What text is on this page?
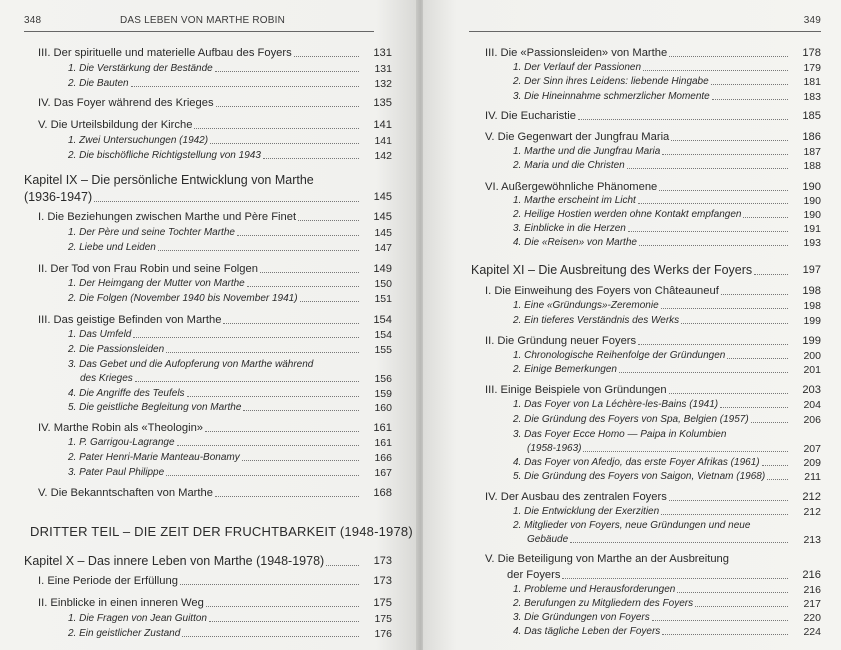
348	DAS LEBEN VON MARTHE ROBIN
III. Der spirituelle und materielle Aufbau des Foyers	131
1. Die Verstärkung der Bestände	131
2. Die Bauten	132
IV. Das Foyer während des Krieges	135
V. Die Urteilsbildung der Kirche	141
1. Zwei Untersuchungen (1942)	141
2. Die bischöfliche Richtigstellung von 1943	142
Kapitel IX – Die persönliche Entwicklung von Marthe
(1936-1947)	145
I. Die Beziehungen zwischen Marthe und Père Finet	145
1. Der Père und seine Tochter Marthe	145
2. Liebe und Leiden	147
II. Der Tod von Frau Robin und seine Folgen	149
1. Der Heimgang der Mutter von Marthe	150
2. Die Folgen (November 1940 bis November 1941)	151
III. Das geistige Befinden von Marthe	154
1. Das Umfeld	154
2. Die Passionsleiden	155
3. Das Gebet und die Aufopferung von Marthe während
des Krieges	156
4. Die Angriffe des Teufels	159
5. Die geistliche Begleitung von Marthe	160
IV. Marthe Robin als «Theologin»	161
1. P. Garrigou-Lagrange	161
2. Pater Henri-Marie Manteau-Bonamy	166
3. Pater Paul Philippe	167
V. Die Bekanntschaften von Marthe	168
DRITTER TEIL – DIE ZEIT DER FRUCHTBARKEIT (1948-1978)
Kapitel X – Das innere Leben von Marthe (1948-1978)	173
I. Eine Periode der Erfüllung	173
II. Einblicke in einen inneren Weg	175
1. Die Fragen von Jean Guitton	175
2. Ein geistlicher Zustand	176
349
III. Die «Passionsleiden» von Marthe	178
1. Der Verlauf der Passionen	179
2. Der Sinn ihres Leidens: liebende Hingabe	181
3. Die Hineinnahme schmerzlicher Momente	183
IV. Die Eucharistie	185
V. Die Gegenwart der Jungfrau Maria	186
1. Marthe und die Jungfrau Maria	187
2. Maria und die Christen	188
VI. Außergewöhnliche Phänomene	190
1. Marthe erscheint im Licht	190
2. Heilige Hostien werden ohne Kontakt empfangen	190
3. Einblicke in die Herzen	191
4. Die «Reisen» von Marthe	193
Kapitel XI – Die Ausbreitung des Werks der Foyers	197
I. Die Einweihung des Foyers von Châteauneuf	198
1. Eine «Gründungs»-Zeremonie	198
2. Ein tieferes Verständnis des Werks	199
II. Die Gründung neuer Foyers	199
1. Chronologische Reihenfolge der Gründungen	200
2. Einige Bemerkungen	201
III. Einige Beispiele von Gründungen	203
1. Das Foyer von La Léchère-les-Bains (1941)	204
2. Die Gründung des Foyers von Spa, Belgien (1957)	206
3. Das Foyer Ecce Homo — Paipa in Kolumbien
(1958-1963)	207
4. Das Foyer von Afedjo, das erste Foyer Afrikas (1961)	209
5. Die Gründung des Foyers von Saigon, Vietnam (1968)	211
IV. Der Ausbau des zentralen Foyers	212
1. Die Entwicklung der Exerzitien	212
2. Mitglieder von Foyers, neue Gründungen und neue
Gebäude	213
V. Die Beteiligung von Marthe an der Ausbreitung
der Foyers	216
1. Probleme und Herausforderungen	216
2. Berufungen zu Mitgliedern des Foyers	217
3. Die Gründungen von Foyers	220
4. Das tägliche Leben der Foyers	224
